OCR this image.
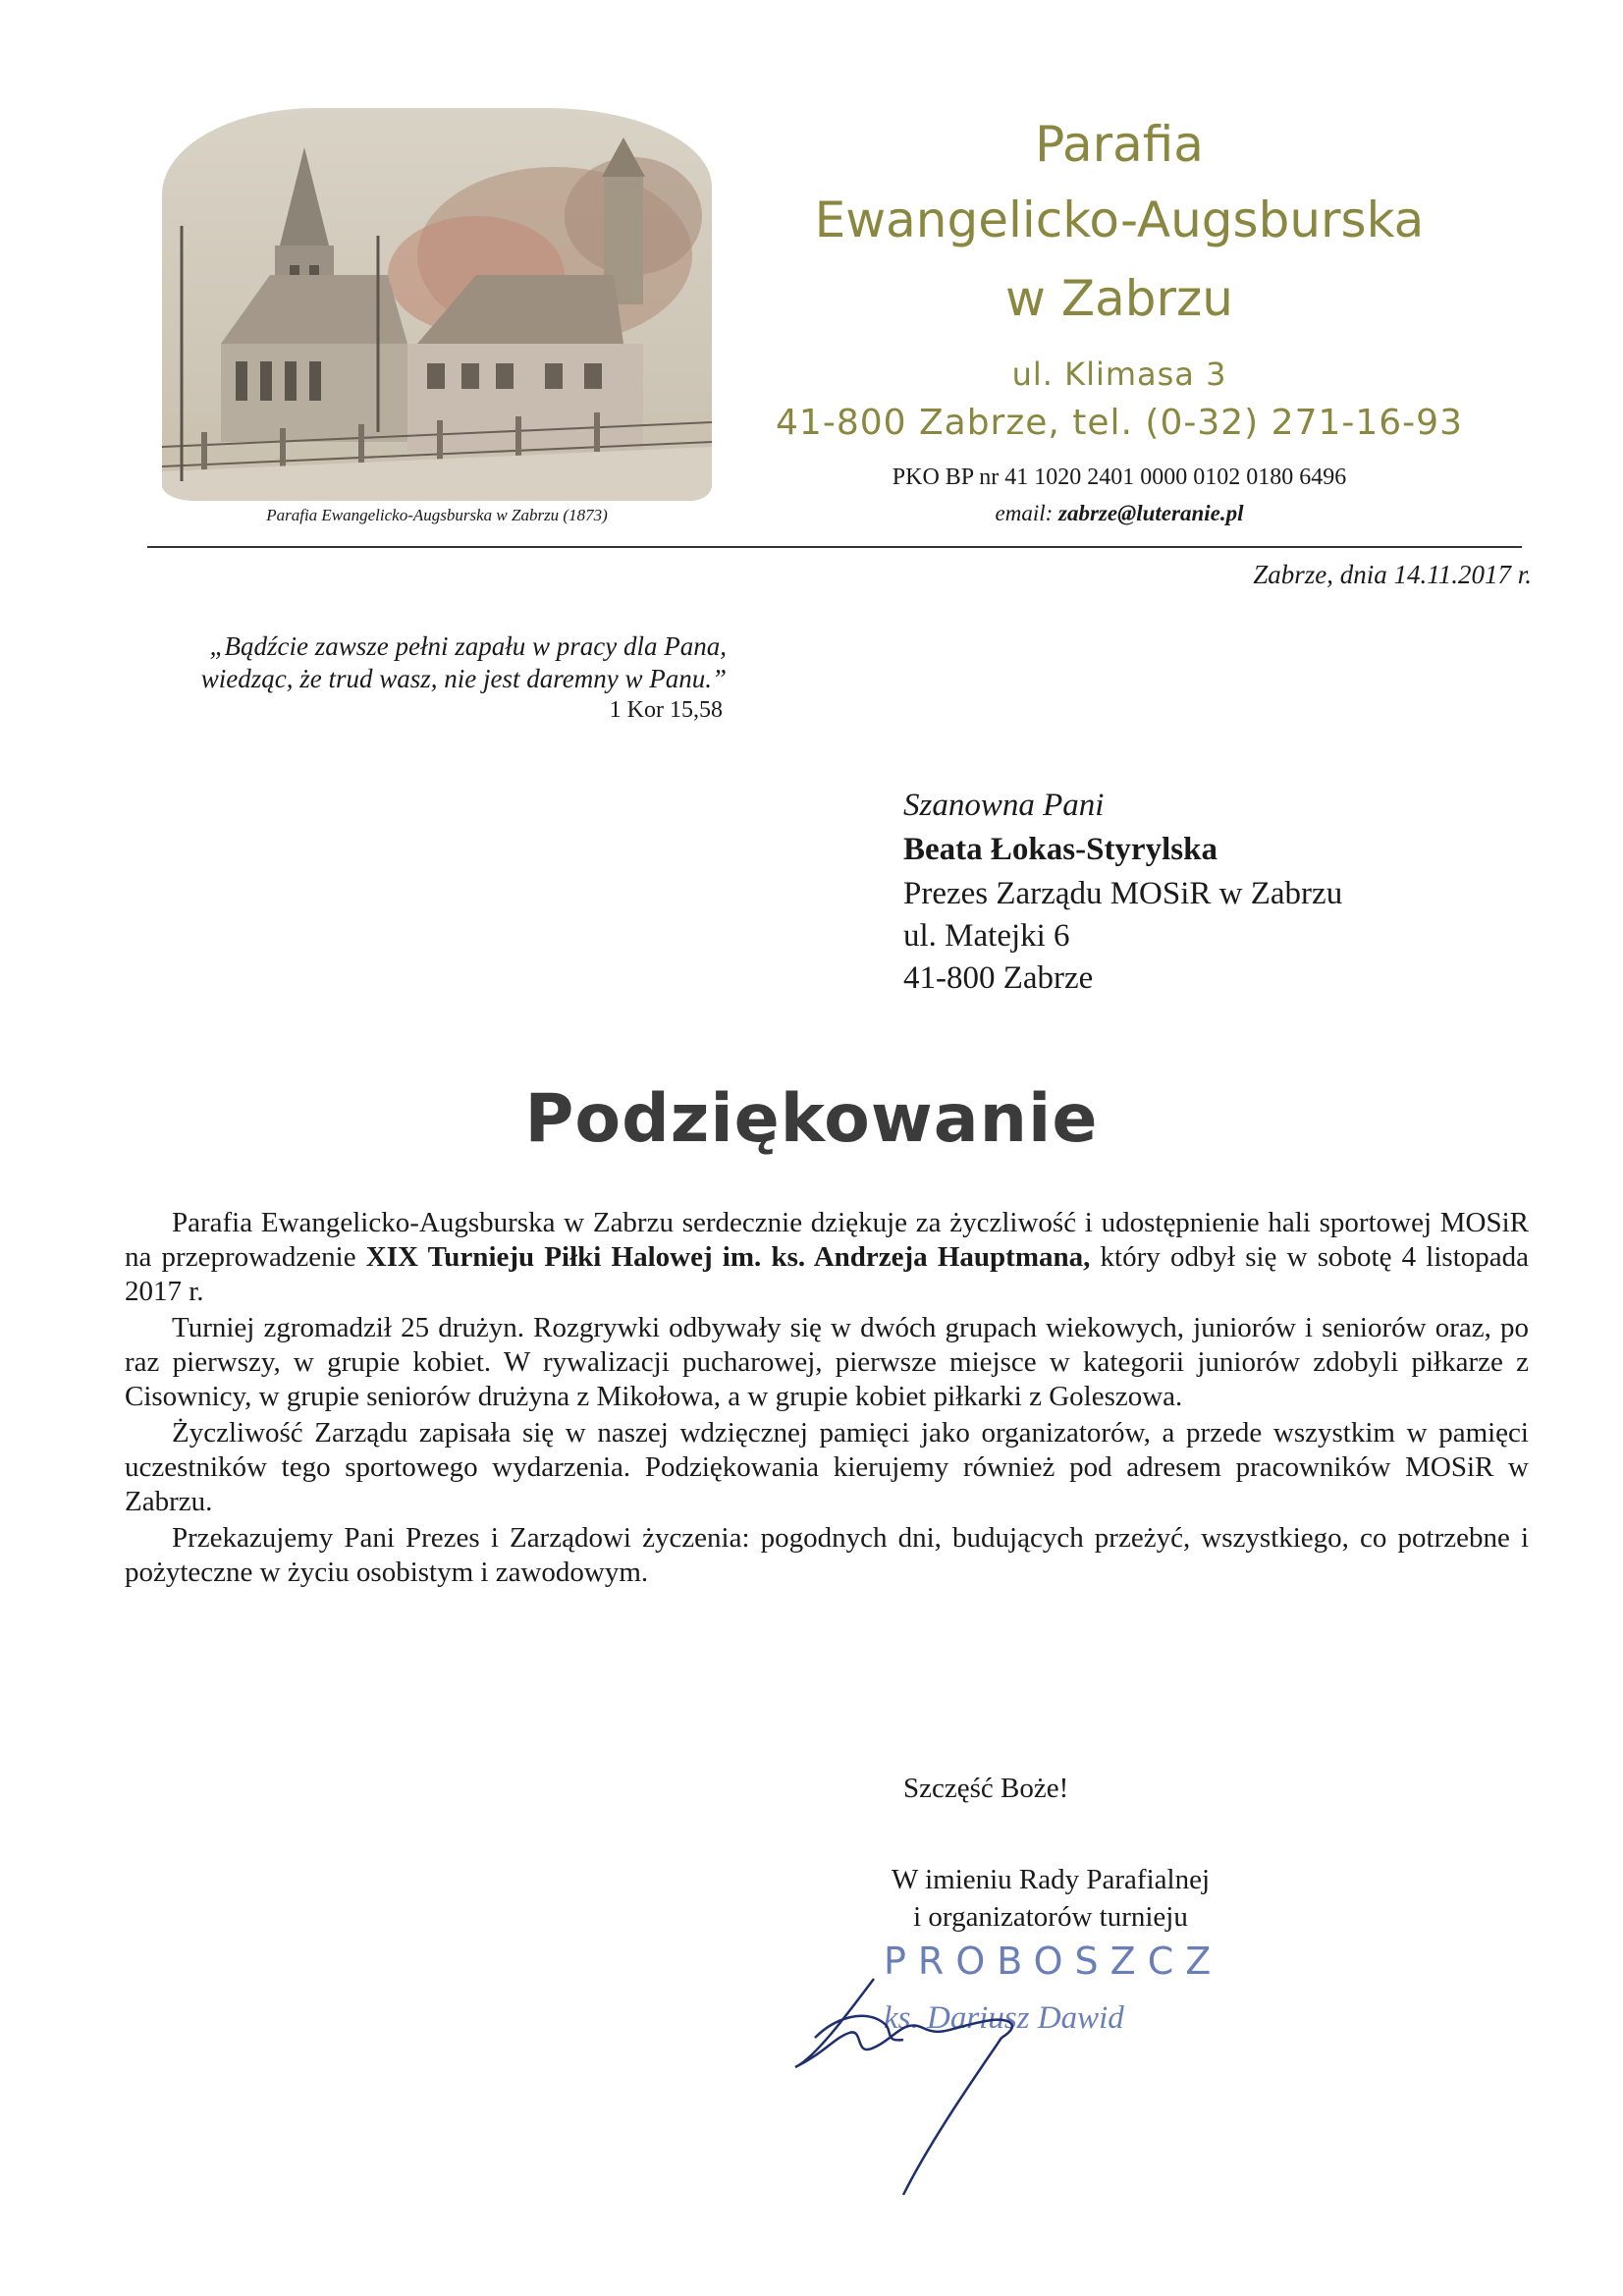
Parafia Ewangelicko-Augsburska w Zabrzu (1873)
Parafia
Ewangelicko-Augsburska
w Zabrzu
ul. Klimasa 3
41-800 Zabrze, tel. (0-32) 271-16-93
PKO BP nr 41 1020 2401 0000 0102 0180 6496
email: zabrze@luteranie.pl
Zabrze, dnia 14.11.2017 r.
„Bądźcie zawsze pełni zapału w pracy dla Pana,
wiedząc, że trud wasz, nie jest daremny w Panu.”
1 Kor 15,58
Szanowna Pani
Beata Łokas-Styrylska
Prezes Zarządu MOSiR w Zabrzu
ul. Matejki 6
41-800 Zabrze
Podziękowanie

Parafia Ewangelicko-Augsburska w Zabrzu serdecznie dziękuje za życzliwość i udostępnienie hali sportowej MOSiR na przeprowadzenie XIX Turnieju Piłki Halowej im. ks. Andrzeja Hauptmana, który odbył się w sobotę 4 listopada 2017 r.

Turniej zgromadził 25 drużyn. Rozgrywki odbywały się w dwóch grupach wiekowych, juniorów i seniorów oraz, po raz pierwszy, w grupie kobiet. W rywalizacji pucharowej, pierwsze miejsce w kategorii juniorów zdobyli piłkarze z Cisownicy, w grupie seniorów drużyna z Mikołowa, a w grupie kobiet piłkarki z Goleszowa.

Życzliwość Zarządu zapisała się w naszej wdzięcznej pamięci jako organizatorów, a przede wszystkim w pamięci uczestników tego sportowego wydarzenia. Podziękowania kierujemy również pod adresem pracowników MOSiR w Zabrzu.

Przekazujemy Pani Prezes i Zarządowi życzenia: pogodnych dni, budujących przeżyć, wszystkiego, co potrzebne i pożyteczne w życiu osobistym i zawodowym.

Szczęść Boże!
W imieniu Rady Parafialnej
i organizatorów turnieju
PROBOSZCZ
ks. Dariusz Dawid
